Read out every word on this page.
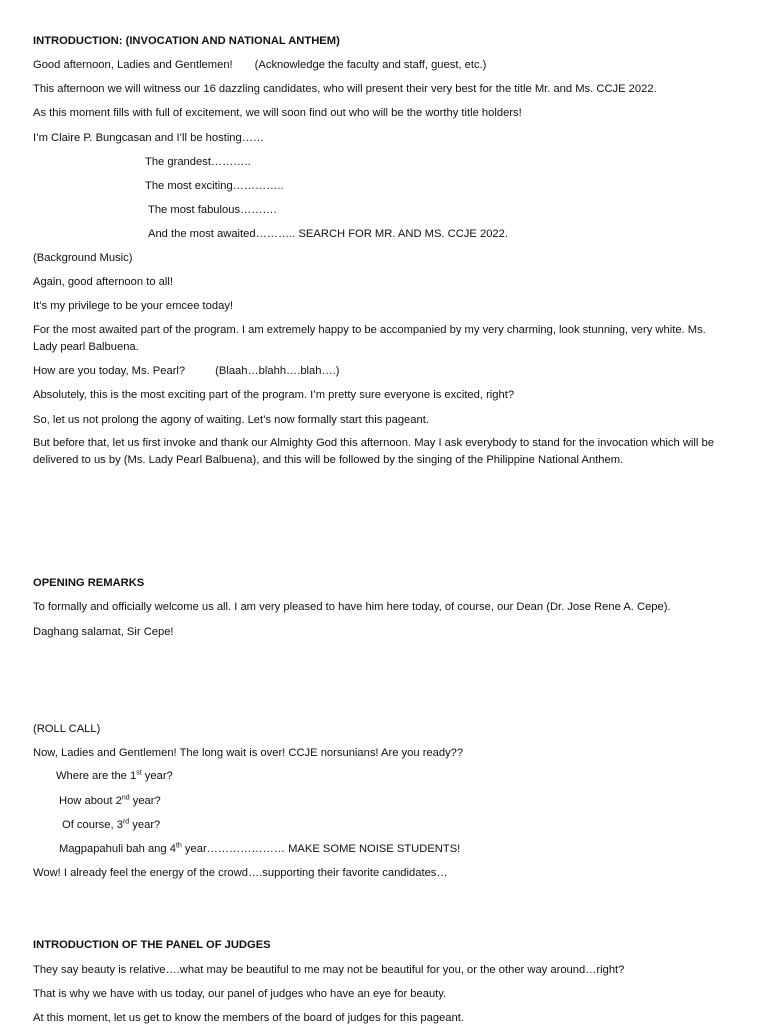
INTRODUCTION: (INVOCATION AND NATIONAL ANTHEM)
Good afternoon, Ladies and Gentlemen! (Acknowledge the faculty and staff, guest, etc.)
This afternoon we will witness our 16 dazzling candidates, who will present their very best for the title Mr. and Ms. CCJE 2022.
As this moment fills with full of excitement, we will soon find out who will be the worthy title holders!
I’m Claire P. Bungcasan and I’ll be hosting……
The grandest………..
The most exciting…………..
The most fabulous……….
And the most awaited……….. SEARCH FOR MR. AND MS. CCJE 2022.
(Background Music)
Again, good afternoon to all!
It’s my privilege to be your emcee today!
For the most awaited part of the program. I am extremely happy to be accompanied by my very charming, look stunning, very white. Ms. Lady pearl Balbuena.
How are you today, Ms. Pearl?	(Blaah…blahh….blah….)
Absolutely, this is the most exciting part of the program. I’m pretty sure everyone is excited, right?
So, let us not prolong the agony of waiting. Let’s now formally start this pageant.
But before that, let us first invoke and thank our Almighty God this afternoon. May I ask everybody to stand for the invocation which will be delivered to us by (Ms. Lady Pearl Balbuena), and this will be followed by the singing of the Philippine National Anthem.
OPENING REMARKS
To formally and officially welcome us all. I am very pleased to have him here today, of course, our Dean (Dr. Jose Rene A. Cepe).
Daghang salamat, Sir Cepe!
(ROLL CALL)
Now, Ladies and Gentlemen! The long wait is over! CCJE norsunians! Are you ready??
Where are the 1st year?
How about 2nd year?
Of course, 3rd year?
Magpapahuli bah ang 4th year………………… MAKE SOME NOISE STUDENTS!
Wow! I already feel the energy of the crowd….supporting their favorite candidates…
INTRODUCTION OF THE PANEL OF JUDGES
They say beauty is relative….what may be beautiful to me may not be beautiful for you, or the other way around…right?
That is why we have with us today, our panel of judges who have an eye for beauty.
At this moment, let us get to know the members of the board of judges for this pageant.
